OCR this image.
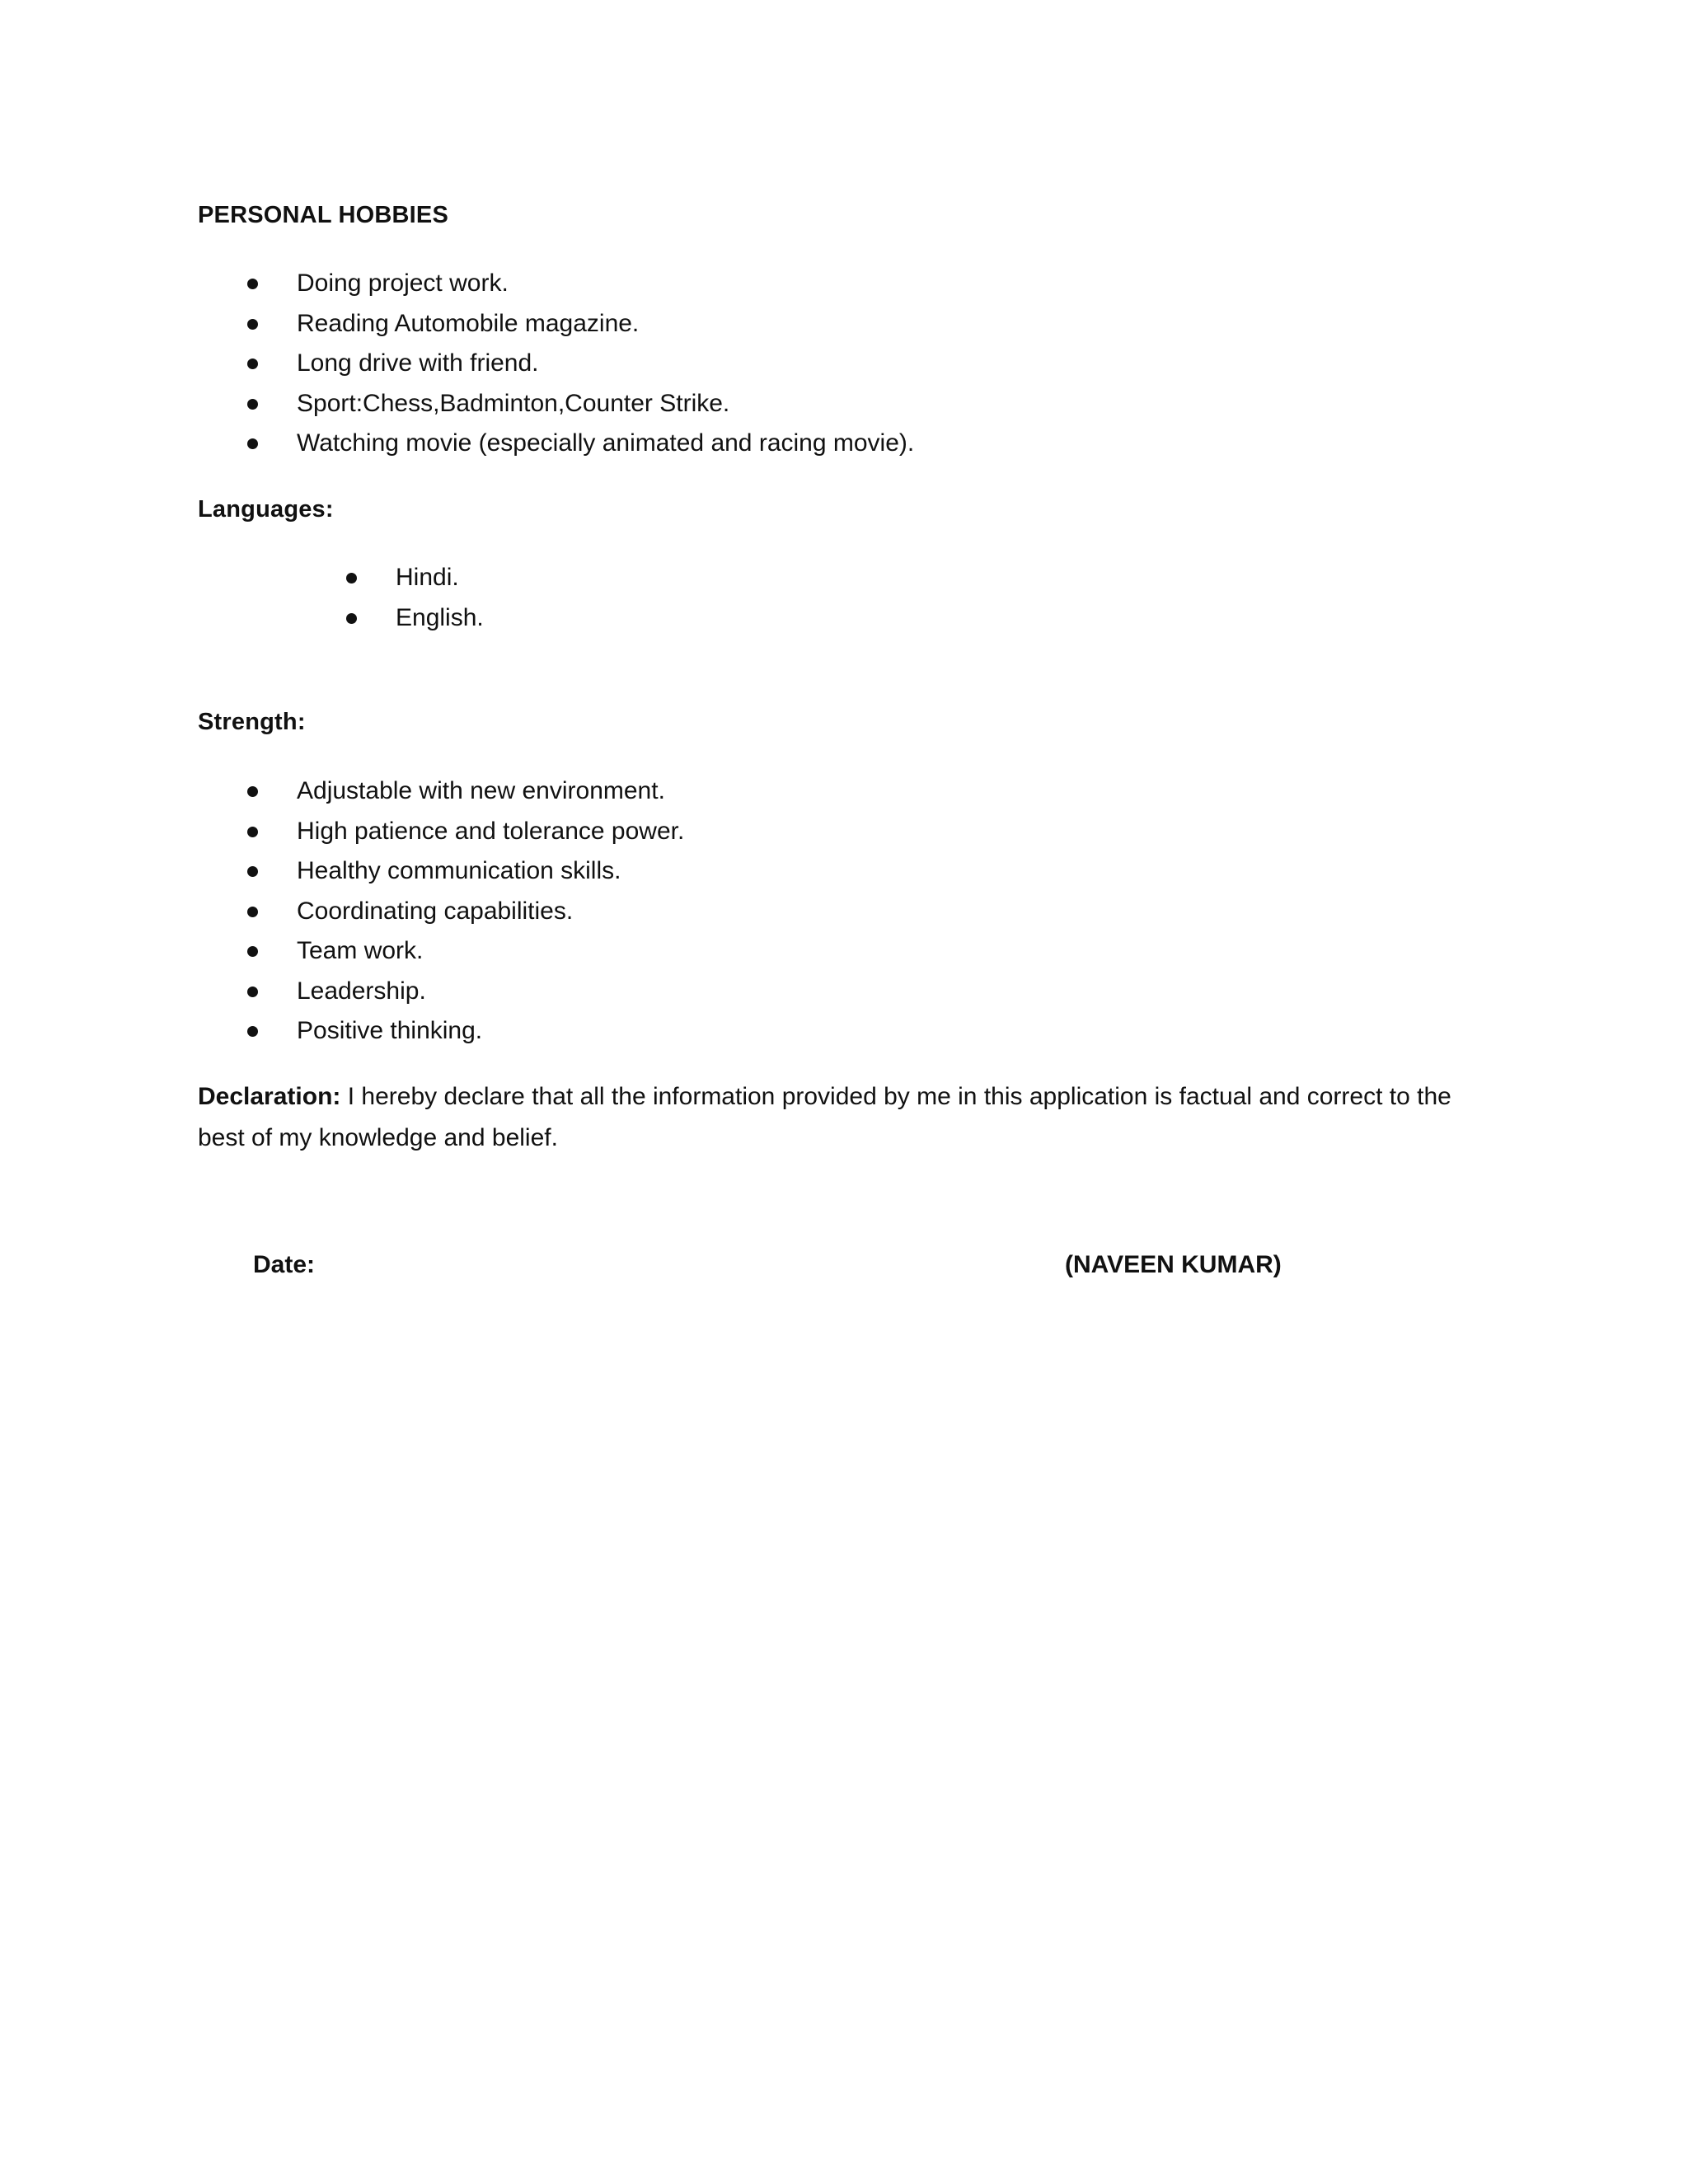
PERSONAL HOBBIES
Doing project work.
Reading Automobile magazine.
Long drive with friend.
Sport:Chess,Badminton,Counter Strike.
Watching movie (especially animated and racing movie).
Languages:
Hindi.
English.
Strength:
Adjustable with new environment.
High patience and tolerance power.
Healthy communication skills.
Coordinating capabilities.
Team work.
Leadership.
Positive thinking.
Declaration: I hereby declare that all the information provided by me in this application is factual and correct to the best of my knowledge and belief.
Date:	(NAVEEN KUMAR)
